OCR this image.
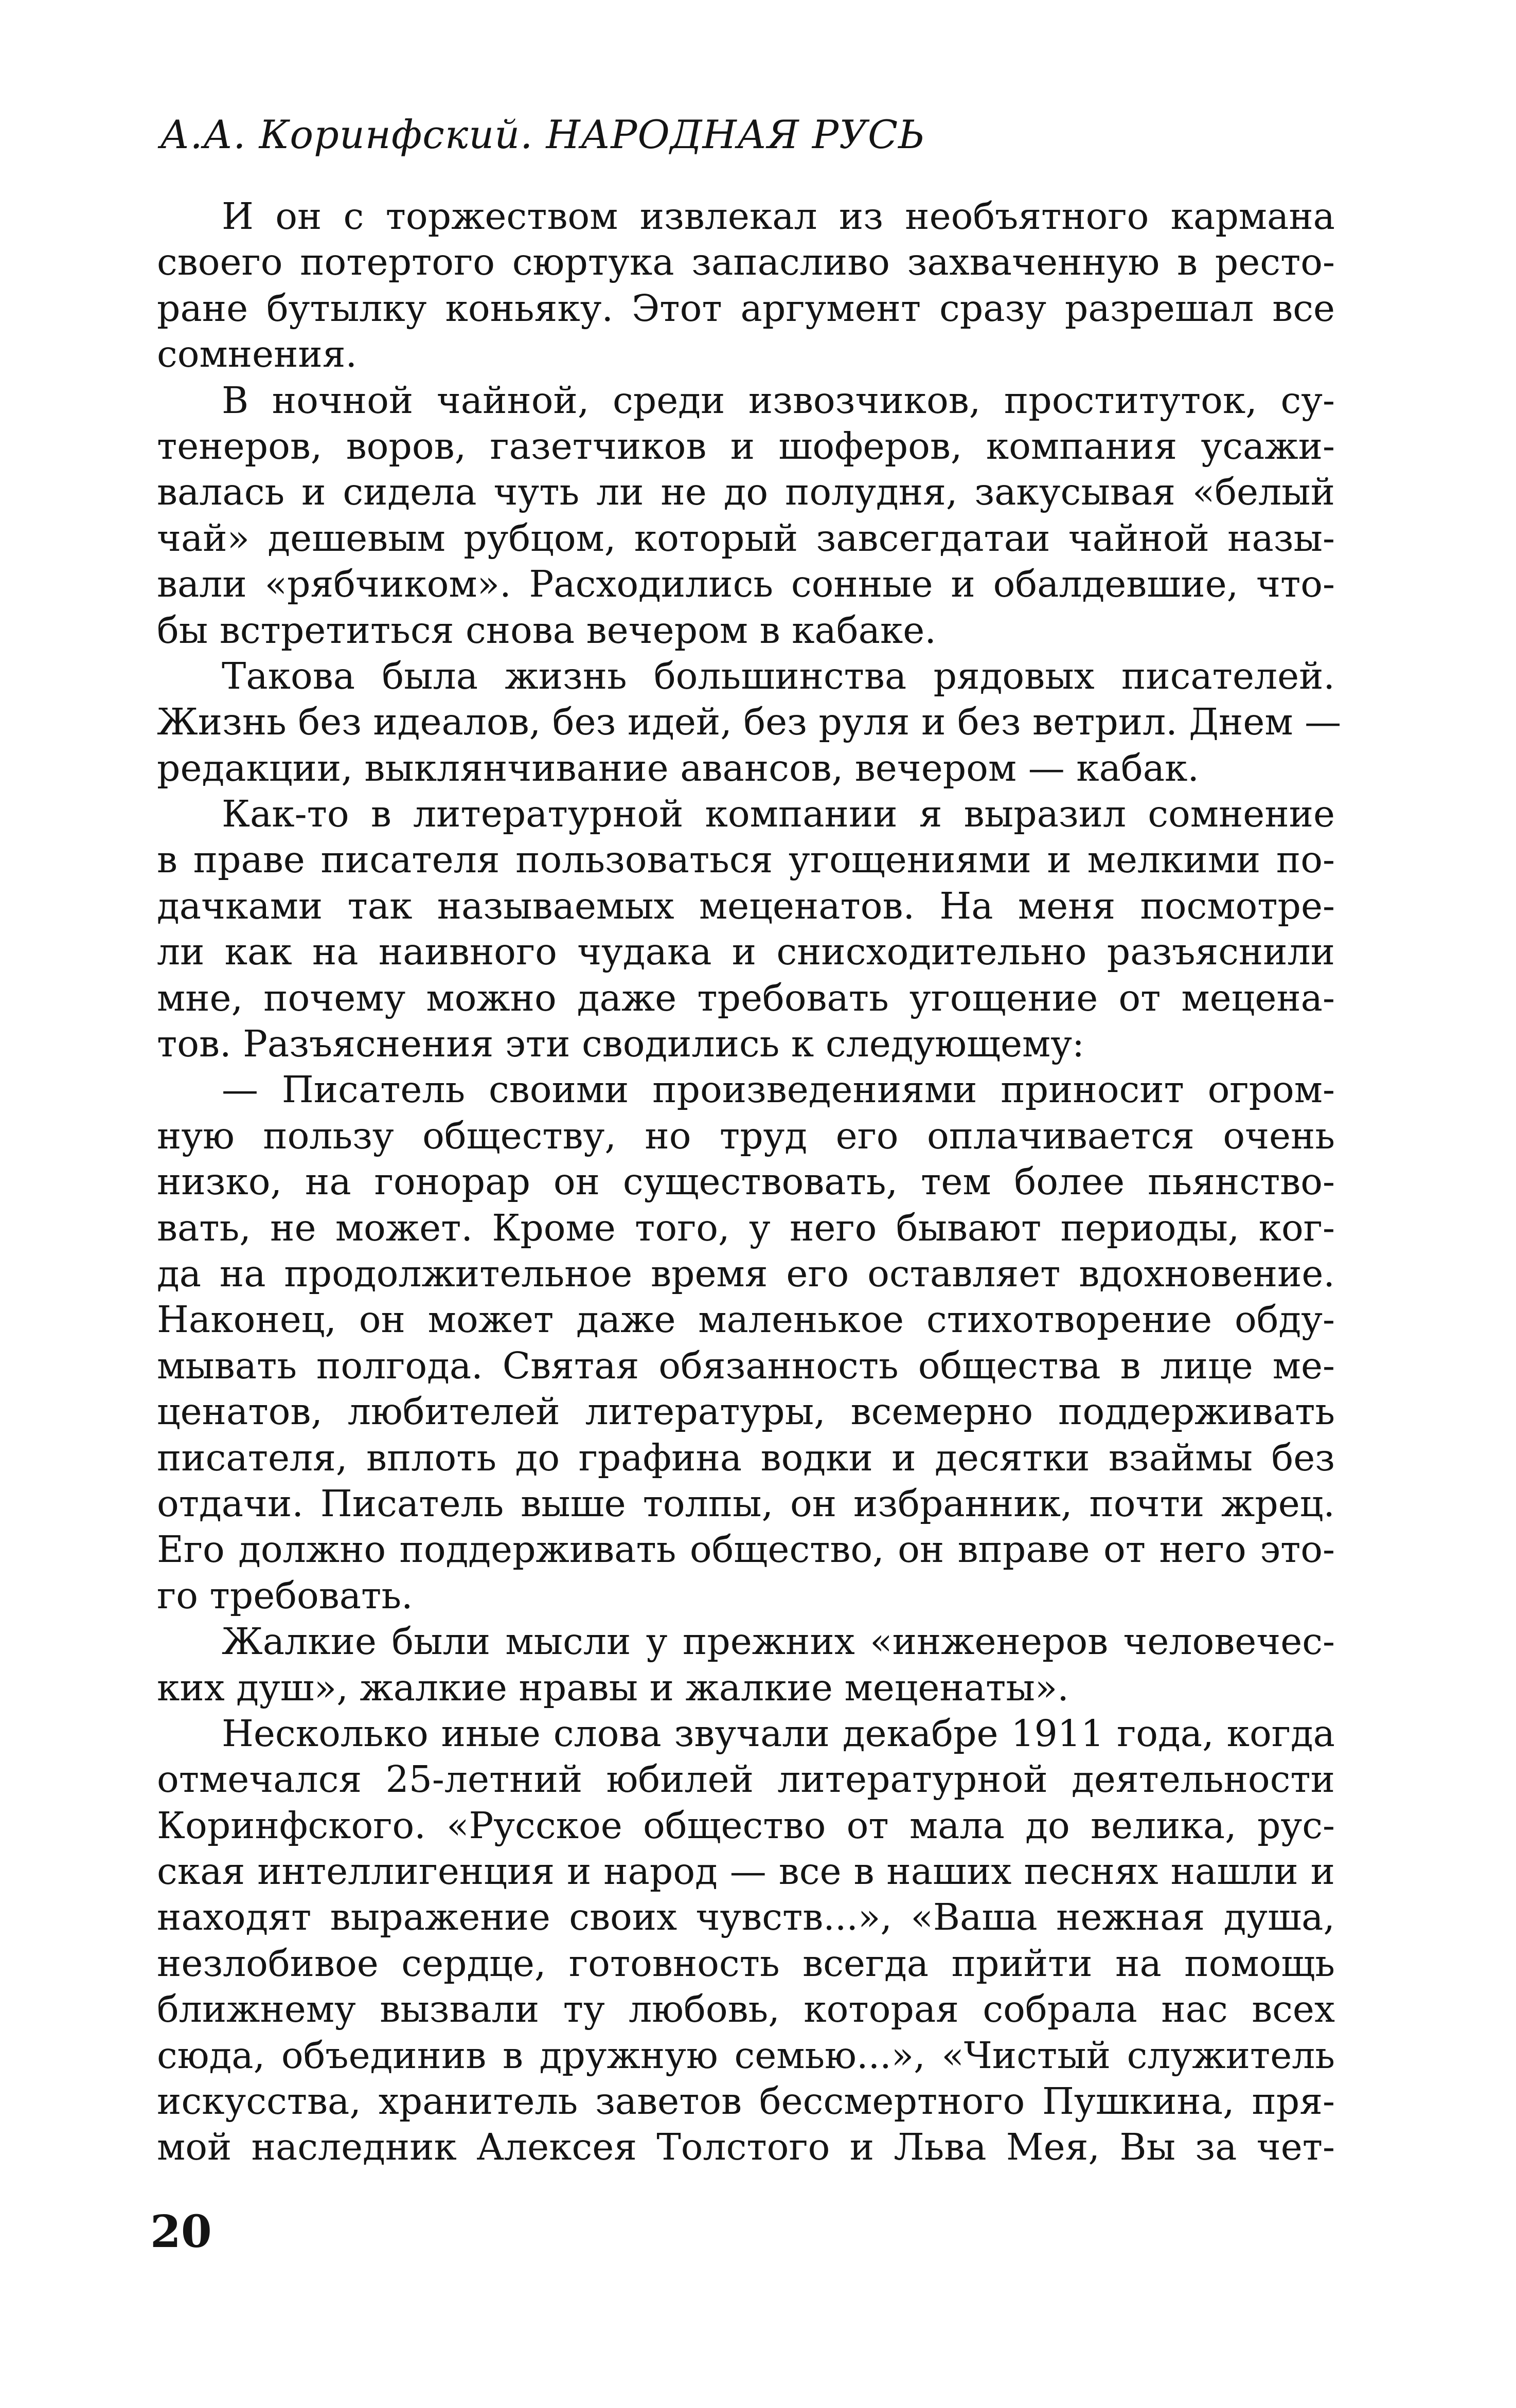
А.А. Коринфский. НАРОДНАЯ РУСЬ
И он с торжеством извлекал из необъятного кармана
своего потертого сюртука запасливо захваченную в ресто-
ране бутылку коньяку. Этот аргумент сразу разрешал все
сомнения.
В ночной чайной, среди извозчиков, проституток, су-
тенеров, воров, газетчиков и шоферов, компания усажи-
валась и сидела чуть ли не до полудня, закусывая «белый
чай» дешевым рубцом, который завсегдатаи чайной назы-
вали «рябчиком». Расходились сонные и обалдевшие, что-
бы встретиться снова вечером в кабаке.
Такова была жизнь большинства рядовых писателей.
Жизнь без идеалов, без идей, без руля и без ветрил. Днем —
редакции, выклянчивание авансов, вечером — кабак.
Как-то в литературной компании я выразил сомнение
в праве писателя пользоваться угощениями и мелкими по-
дачками так называемых меценатов. На меня посмотре-
ли как на наивного чудака и снисходительно разъяснили
мне, почему можно даже требовать угощение от мецена-
тов. Разъяснения эти сводились к следующему:
— Писатель своими произведениями приносит огром-
ную пользу обществу, но труд его оплачивается очень
низко, на гонорар он существовать, тем более пьянство-
вать, не может. Кроме того, у него бывают периоды, ког-
да на продолжительное время его оставляет вдохновение.
Наконец, он может даже маленькое стихотворение обду-
мывать полгода. Святая обязанность общества в лице ме-
ценатов, любителей литературы, всемерно поддерживать
писателя, вплоть до графина водки и десятки взаймы без
отдачи. Писатель выше толпы, он избранник, почти жрец.
Его должно поддерживать общество, он вправе от него это-
го требовать.
Жалкие были мысли у прежних «инженеров человечес-
ких душ», жалкие нравы и жалкие меценаты».
Несколько иные слова звучали декабре 1911 года, когда
отмечался 25-летний юбилей литературной деятельности
Коринфского. «Русское общество от мала до велика, рус-
ская интеллигенция и народ — все в наших песнях нашли и
находят выражение своих чувств...», «Ваша нежная душа,
незлобивое сердце, готовность всегда прийти на помощь
ближнему вызвали ту любовь, которая собрала нас всех
сюда, объединив в дружную семью...», «Чистый служитель
искусства, хранитель заветов бессмертного Пушкина, пря-
мой наследник Алексея Толстого и Льва Мея, Вы за чет-
20
